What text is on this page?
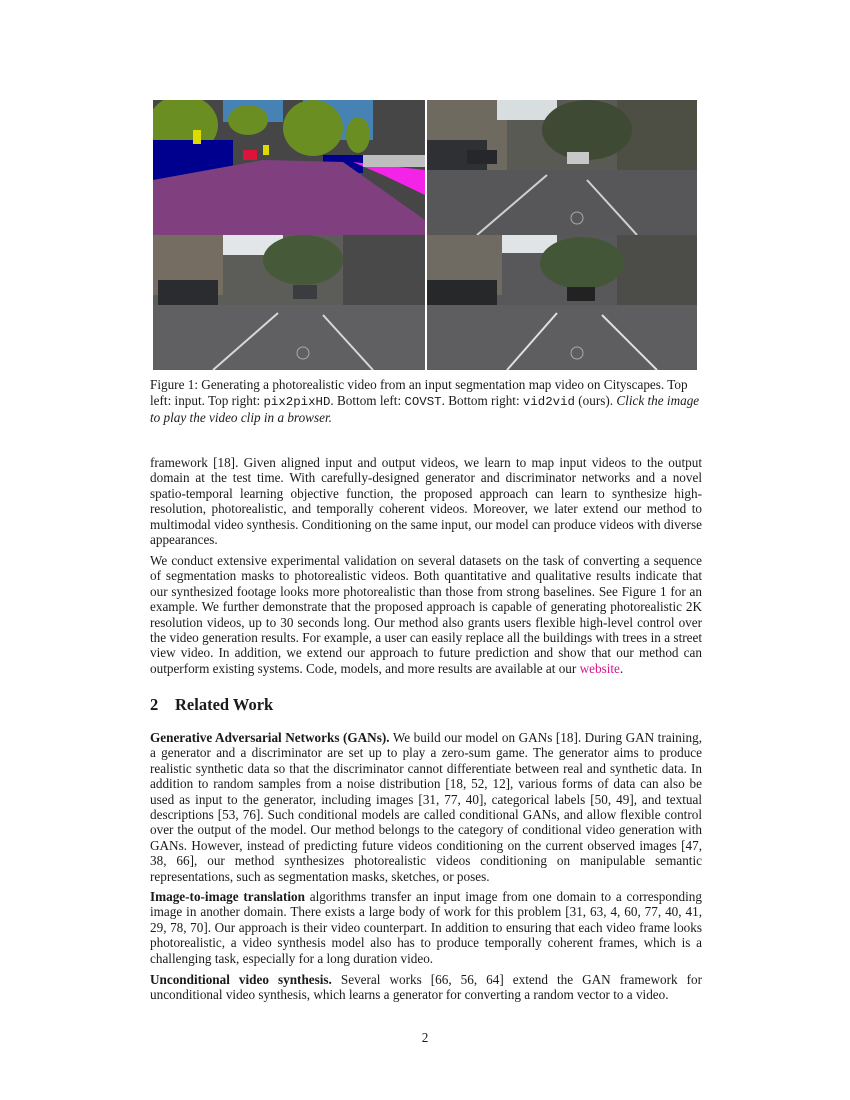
Figure 1: Generating a photorealistic video from an input segmentation map video on Cityscapes. Top left: input. Top right: pix2pixHD. Bottom left: COVST. Bottom right: vid2vid (ours). Click the image to play the video clip in a browser.
framework [18]. Given aligned input and output videos, we learn to map input videos to the output domain at the test time. With carefully-designed generator and discriminator networks and a novel spatio-temporal learning objective function, the proposed approach can learn to synthesize high-resolution, photorealistic, and temporally coherent videos. Moreover, we later extend our method to multimodal video synthesis. Conditioning on the same input, our model can produce videos with diverse appearances.
We conduct extensive experimental validation on several datasets on the task of converting a sequence of segmentation masks to photorealistic videos. Both quantitative and qualitative results indicate that our synthesized footage looks more photorealistic than those from strong baselines. See Figure 1 for an example. We further demonstrate that the proposed approach is capable of generating photorealistic 2K resolution videos, up to 30 seconds long. Our method also grants users flexible high-level control over the video generation results. For example, a user can easily replace all the buildings with trees in a street view video. In addition, we extend our approach to future prediction and show that our method can outperform existing systems. Code, models, and more results are available at our website.
2 Related Work
Generative Adversarial Networks (GANs). We build our model on GANs [18]. During GAN training, a generator and a discriminator are set up to play a zero-sum game. The generator aims to produce realistic synthetic data so that the discriminator cannot differentiate between real and synthetic data. In addition to random samples from a noise distribution [18, 52, 12], various forms of data can also be used as input to the generator, including images [31, 77, 40], categorical labels [50, 49], and textual descriptions [53, 76]. Such conditional models are called conditional GANs, and allow flexible control over the output of the model. Our method belongs to the category of conditional video generation with GANs. However, instead of predicting future videos conditioning on the current observed images [47, 38, 66], our method synthesizes photorealistic videos conditioning on manipulable semantic representations, such as segmentation masks, sketches, or poses.
Image-to-image translation algorithms transfer an input image from one domain to a corresponding image in another domain. There exists a large body of work for this problem [31, 63, 4, 60, 77, 40, 41, 29, 78, 70]. Our approach is their video counterpart. In addition to ensuring that each video frame looks photorealistic, a video synthesis model also has to produce temporally coherent frames, which is a challenging task, especially for a long duration video.
Unconditional video synthesis. Several works [66, 56, 64] extend the GAN framework for unconditional video synthesis, which learns a generator for converting a random vector to a video.
2
